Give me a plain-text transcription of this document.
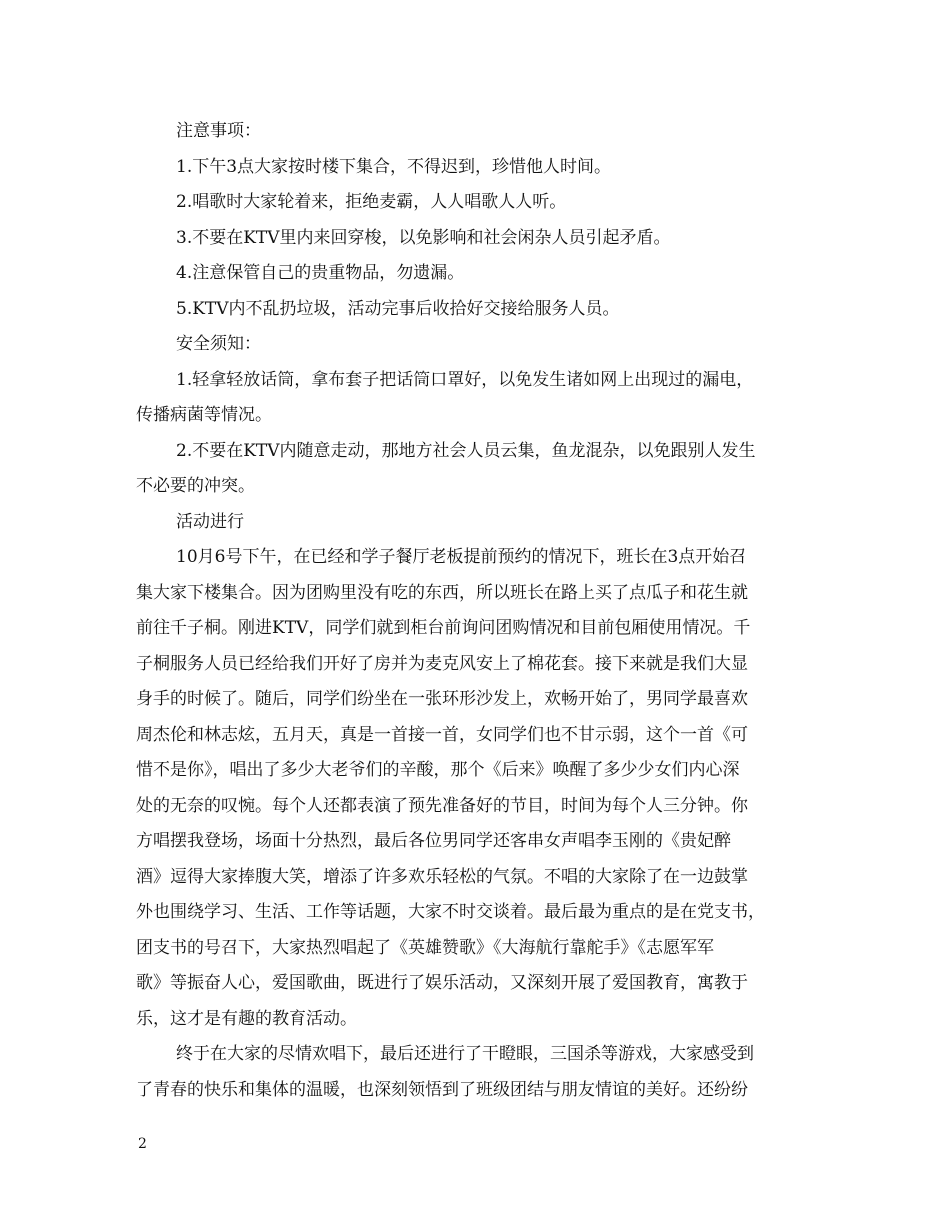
注意事项：

1.下午3点大家按时楼下集合，不得迟到，珍惜他人时间。

2.唱歌时大家轮着来，拒绝麦霸，人人唱歌人人听。

3.不要在KTV里内来回穿梭，以免影响和社会闲杂人员引起矛盾。

4.注意保管自己的贵重物品，勿遗漏。

5.KTV内不乱扔垃圾，活动完事后收拾好交接给服务人员。

安全须知：

1.轻拿轻放话筒，拿布套子把话筒口罩好，以免发生诸如网上出现过的漏电，
传播病菌等情况。

2.不要在KTV内随意走动，那地方社会人员云集，鱼龙混杂，以免跟别人发生
不必要的冲突。

活动进行

10月6号下午，在已经和学子餐厅老板提前预约的情况下，班长在3点开始召
集大家下楼集合。因为团购里没有吃的东西，所以班长在路上买了点瓜子和花生就
前往千子桐。刚进KTV，同学们就到柜台前询问团购情况和目前包厢使用情况。千
子桐服务人员已经给我们开好了房并为麦克风安上了棉花套。接下来就是我们大显
身手的时候了。随后，同学们纷坐在一张环形沙发上，欢畅开始了，男同学最喜欢
周杰伦和林志炫，五月天，真是一首接一首，女同学们也不甘示弱，这个一首《可
惜不是你》，唱出了多少大老爷们的辛酸，那个《后来》唤醒了多少少女们内心深
处的无奈的叹惋。每个人还都表演了预先准备好的节目，时间为每个人三分钟。你
方唱摆我登场，场面十分热烈，最后各位男同学还客串女声唱李玉刚的《贵妃醉
酒》逗得大家捧腹大笑，增添了许多欢乐轻松的气氛。不唱的大家除了在一边鼓掌
外也围绕学习、生活、工作等话题，大家不时交谈着。最后最为重点的是在党支书，
团支书的号召下，大家热烈唱起了《英雄赞歌》《大海航行靠舵手》《志愿军军
歌》等振奋人心，爱国歌曲，既进行了娱乐活动，又深刻开展了爱国教育，寓教于
乐，这才是有趣的教育活动。

终于在大家的尽情欢唱下，最后还进行了干瞪眼，三国杀等游戏，大家感受到
了青春的快乐和集体的温暖，也深刻领悟到了班级团结与朋友情谊的美好。还纷纷

2
